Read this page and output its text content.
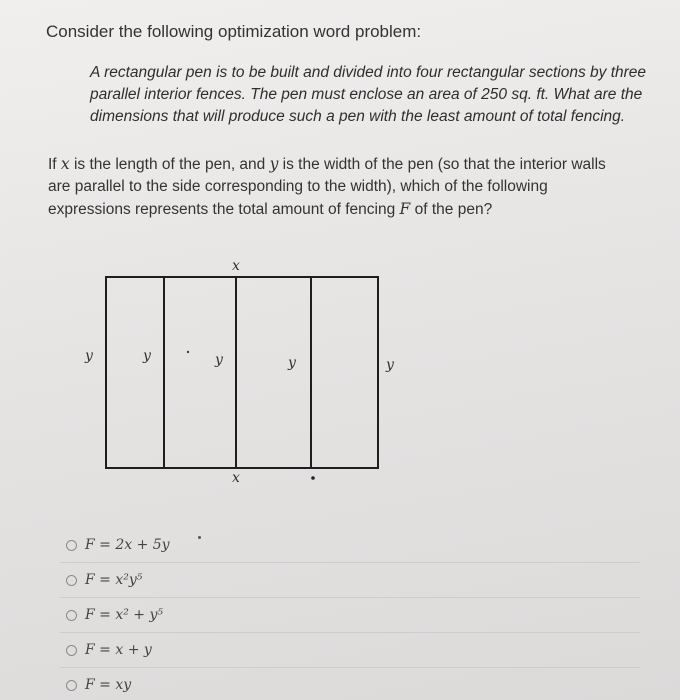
Consider the following optimization word problem:
A rectangular pen is to be built and divided into four rectangular sections by three
parallel interior fences. The pen must enclose an area of 250 sq. ft. What are the
dimensions that will produce such a pen with the least amount of total fencing.
If x is the length of the pen, and y is the width of the pen (so that the interior walls
are parallel to the side corresponding to the width), which of the following
expressions represents the total amount of fencing F of the pen?
x
x
y	y	y	y	y
F = 2x + 5y
F = x²y⁵
F = x² + y⁵
F = x + y
F = xy
